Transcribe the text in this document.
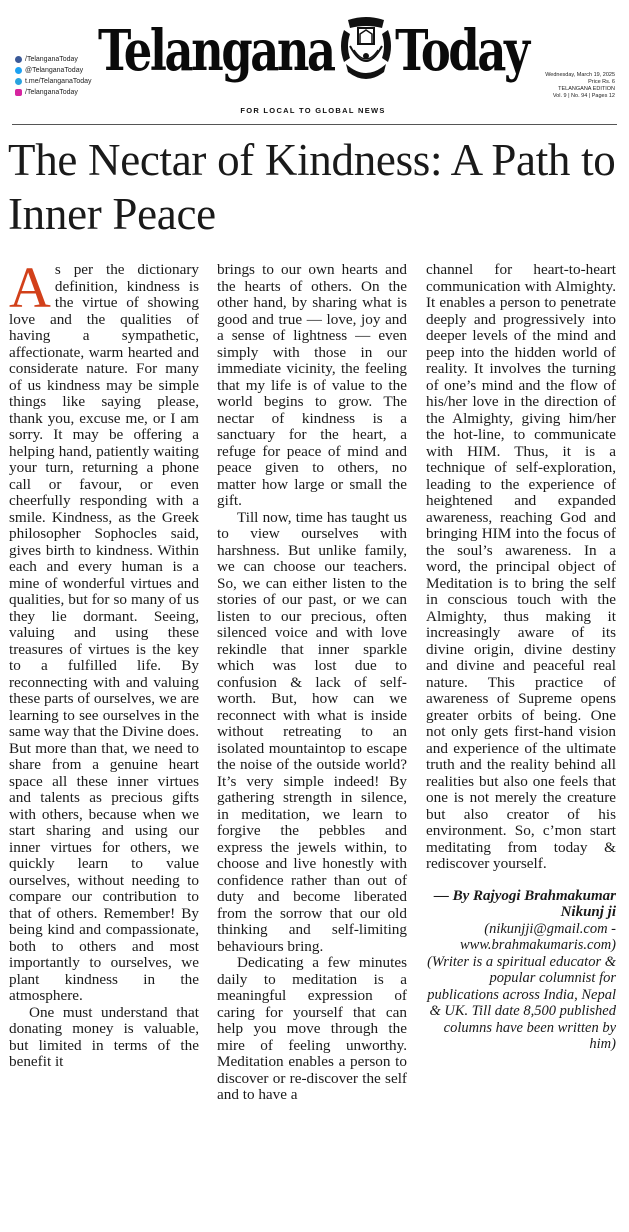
/TelanganaToday
@TelanganaToday
t.me/TelanganaToday
/TelanganaToday
Telangana Today
FOR LOCAL TO GLOBAL NEWS
Wednesday, March 19, 2025
Price Rs. 6
TELANGANA EDITION
Vol. 9 | No. 94 | Pages 12
The Nectar of Kindness: A Path to Inner Peace

As per the dictionary definition, kindness is the virtue of showing love and the qualities of having a sympathetic, affectionate, warm hearted and considerate nature. For many of us kindness may be simple things like saying please, thank you, excuse me, or I am sorry. It may be offering a helping hand, patiently waiting your turn, returning a phone call or favour, or even cheerfully responding with a smile. Kindness, as the Greek philosopher Sophocles said, gives birth to kindness. Within each and every human is a mine of wonderful virtues and qualities, but for so many of us they lie dormant. Seeing, valuing and using these treasures of virtues is the key to a fulfilled life. By reconnecting with and valuing these parts of ourselves, we are learning to see ourselves in the same way that the Divine does. But more than that, we need to share from a genuine heart space all these inner virtues and talents as precious gifts with others, because when we start sharing and using our inner virtues for others, we quickly learn to value ourselves, without needing to compare our contribution to that of others. Remember! By being kind and compassionate, both to others and most importantly to ourselves, we plant kindness in the atmosphere.

One must understand that donating money is valuable, but limited in terms of the benefit it

brings to our own hearts and the hearts of others. On the other hand, by sharing what is good and true — love, joy and a sense of lightness — even simply with those in our immediate vicinity, the feeling that my life is of value to the world begins to grow. The nectar of kindness is a sanctuary for the heart, a refuge for peace of mind and peace given to others, no matter how large or small the gift.

Till now, time has taught us to view ourselves with harshness. But unlike family, we can choose our teachers. So, we can either listen to the stories of our past, or we can listen to our precious, often silenced voice and with love rekindle that inner sparkle which was lost due to confusion & lack of self-worth. But, how can we reconnect with what is inside without retreating to an isolated mountaintop to escape the noise of the outside world? It’s very simple indeed! By gathering strength in silence, in meditation, we learn to forgive the pebbles and express the jewels within, to choose and live honestly with confidence rather than out of duty and become liberated from the sorrow that our old thinking and self-limiting behaviours bring.

Dedicating a few minutes daily to meditation is a meaningful expression of caring for yourself that can help you move through the mire of feeling unworthy. Meditation enables a person to discover or re-discover the self and to have a

channel for heart-to-heart communication with Almighty. It enables a person to penetrate deeply and progressively into deeper levels of the mind and peep into the hidden world of reality. It involves the turning of one’s mind and the flow of his/her love in the direction of the Almighty, giving him/her the hot-line, to communicate with HIM. Thus, it is a technique of self-exploration, leading to the experience of heightened and expanded awareness, reaching God and bringing HIM into the focus of the soul’s awareness. In a word, the principal object of Meditation is to bring the self in conscious touch with the Almighty, thus making it increasingly aware of its divine origin, divine destiny and divine and peaceful real nature. This practice of awareness of Supreme opens greater orbits of being. One not only gets first-hand vision and experience of the ultimate truth and the reality behind all realities but also one feels that one is not merely the creature but also creator of his environment. So, c’mon start meditating from today & rediscover yourself.

— By Rajyogi Brahmakumar Nikunj ji
(nikunjji@gmail.com - www.brahmakumaris.com)
(Writer is a spiritual educator & popular columnist for publications across India, Nepal & UK. Till date 8,500 published columns have been written by him)
